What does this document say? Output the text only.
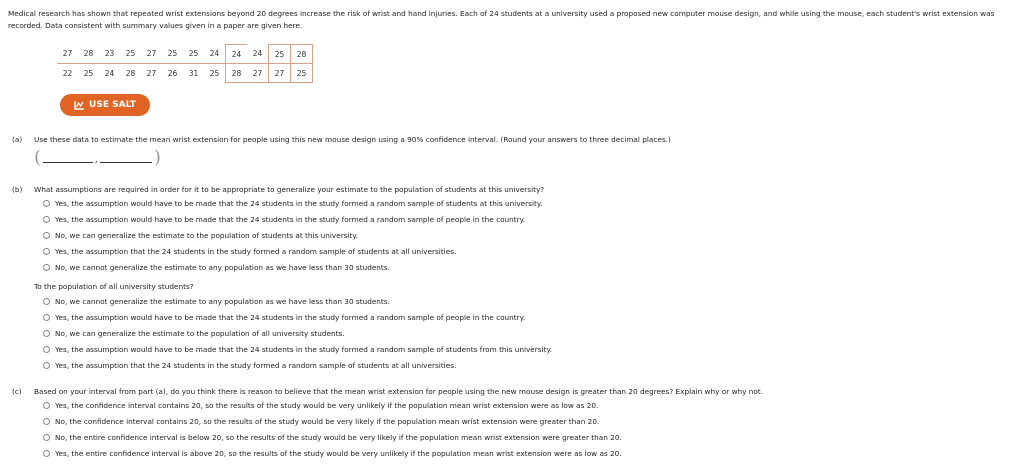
Medical research has shown that repeated wrist extensions beyond 20 degrees increase the risk of wrist and hand injuries. Each of 24 students at a university used a proposed new computer mouse design, and while using the mouse, each student's wrist extension was recorded. Data consistent with summary values given in a paper are given here.
27	28	23	25	27	25	25	24	24	24	25	28
22	25	24	28	27	26	31	25	28	27	27	25
USE SALT
(a) Use these data to estimate the mean wrist extension for people using this new mouse design using a 90% confidence interval. (Round your answers to three decimal places.)
(	,	)
(b) What assumptions are required in order for it to be appropriate to generalize your estimate to the population of students at this university?
Yes, the assumption would have to be made that the 24 students in the study formed a random sample of students at this university.
Yes, the assumption would have to be made that the 24 students in the study formed a random sample of people in the country.
No, we can generalize the estimate to the population of students at this university.
Yes, the assumption that the 24 students in the study formed a random sample of students at all universities.
No, we cannot generalize the estimate to any population as we have less than 30 students.
To the population of all university students?
No, we cannot generalize the estimate to any population as we have less than 30 students.
Yes, the assumption would have to be made that the 24 students in the study formed a random sample of people in the country.
No, we can generalize the estimate to the population of all university students.
Yes, the assumption would have to be made that the 24 students in the study formed a random sample of students from this university.
Yes, the assumption that the 24 students in the study formed a random sample of students at all universities.
(c) Based on your interval from part (a), do you think there is reason to believe that the mean wrist extension for people using the new mouse design is greater than 20 degrees? Explain why or why not.
Yes, the confidence interval contains 20, so the results of the study would be very unlikely if the population mean wrist extension were as low as 20.
No, the confidence interval contains 20, so the results of the study would be very likely if the population mean wrist extension were greater than 20.
No, the entire confidence interval is below 20, so the results of the study would be very likely if the population mean wrist extension were greater than 20.
Yes, the entire confidence interval is above 20, so the results of the study would be very unlikely if the population mean wrist extension were as low as 20.
